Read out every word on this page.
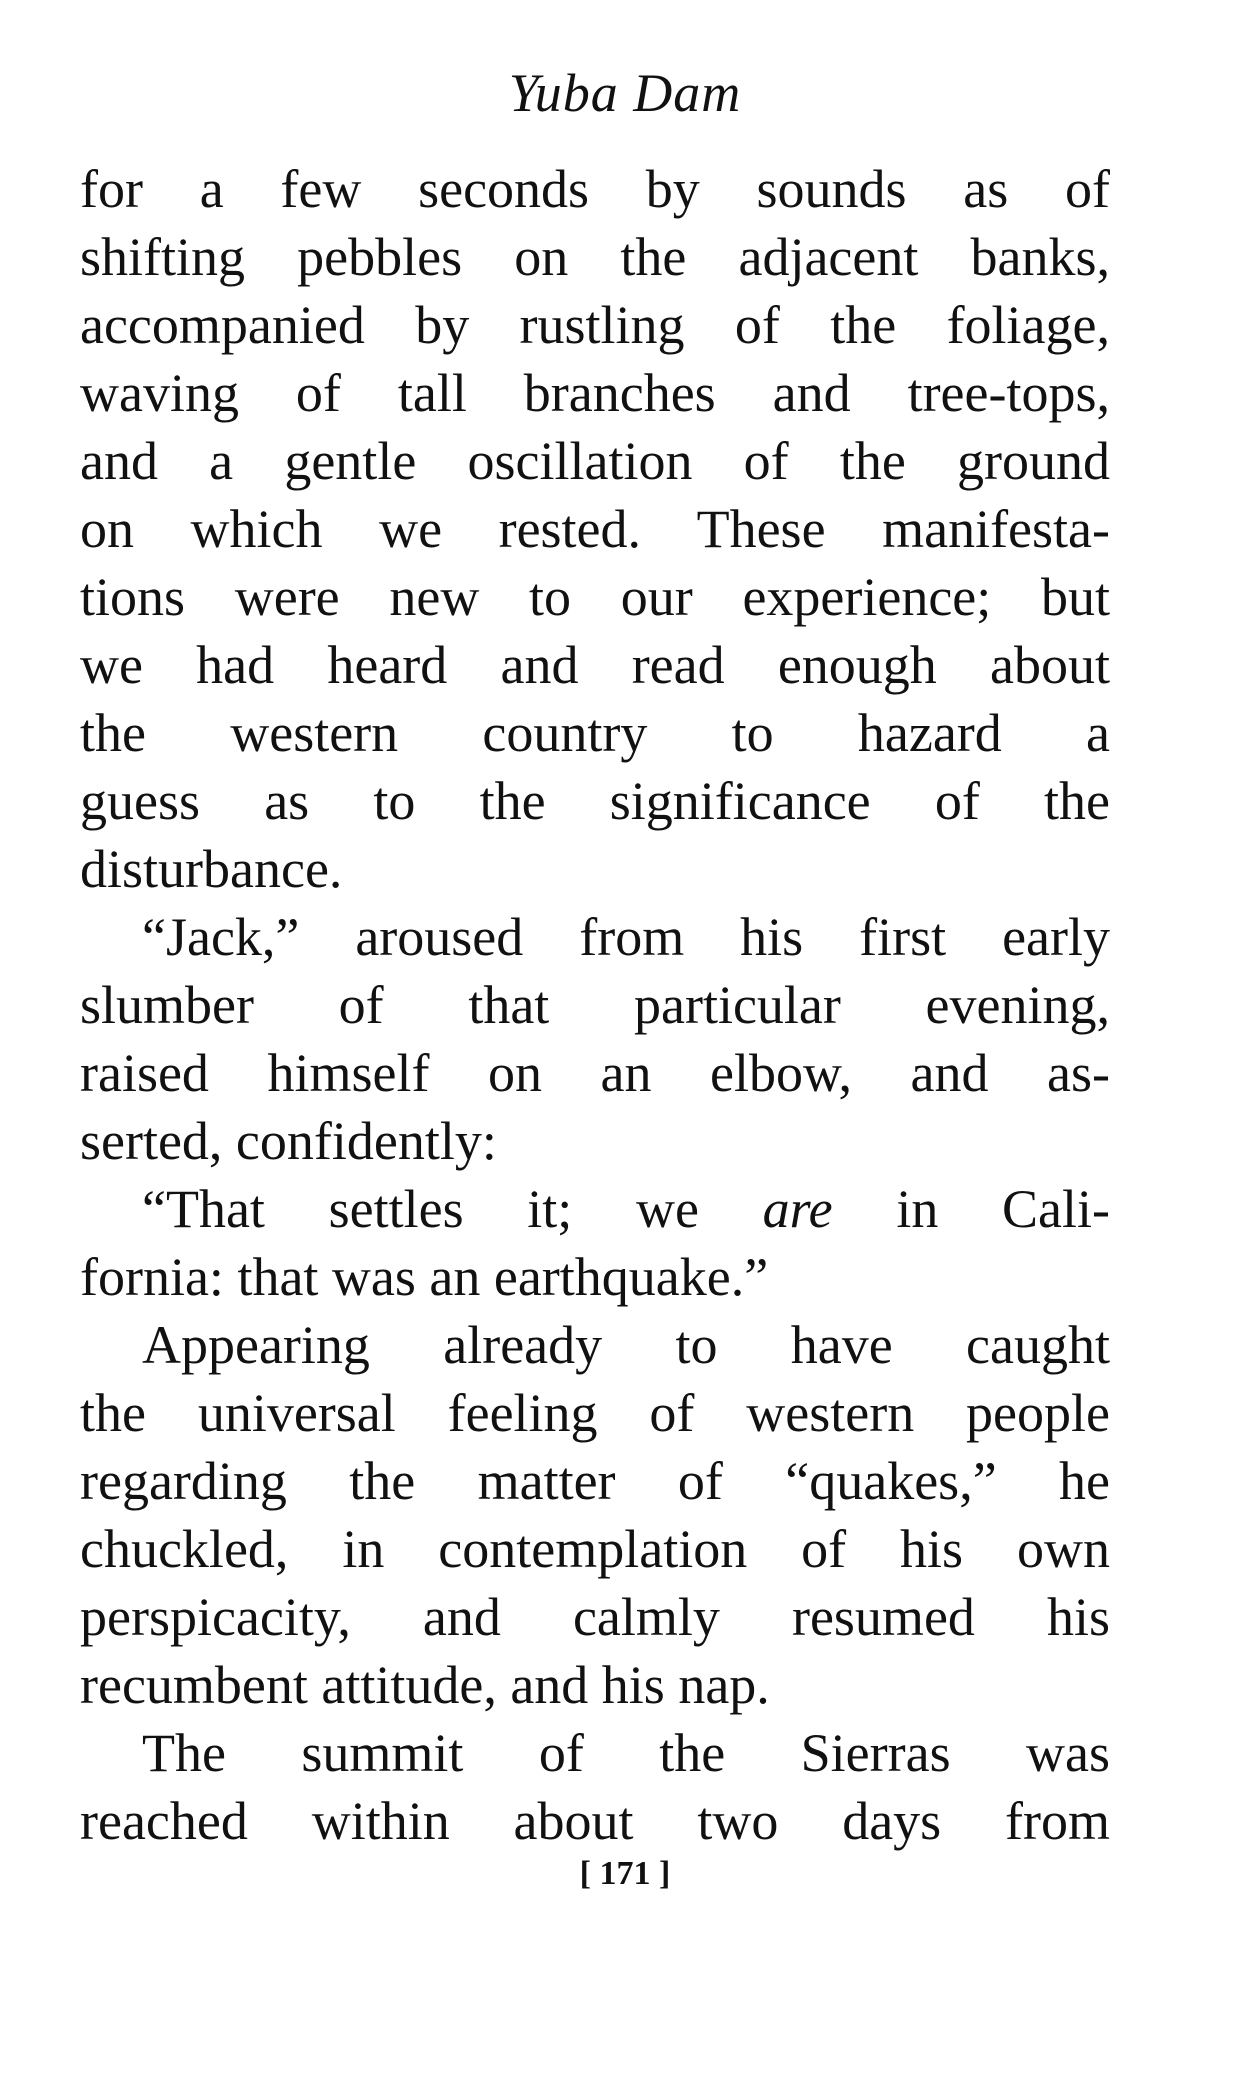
Yuba Dam
for a few seconds by sounds as of
shifting pebbles on the adjacent banks,
accompanied by rustling of the foliage,
waving of tall branches and tree-tops,
and a gentle oscillation of the ground
on which we rested. These manifesta-
tions were new to our experience; but
we had heard and read enough about
the western country to hazard a
guess as to the significance of the
disturbance.
“Jack,” aroused from his first early
slumber of that particular evening,
raised himself on an elbow, and as-
serted, confidently:
“That settles it; we are in Cali-
fornia: that was an earthquake.”
Appearing already to have caught
the universal feeling of western people
regarding the matter of “quakes,” he
chuckled, in contemplation of his own
perspicacity, and calmly resumed his
recumbent attitude, and his nap.
The summit of the Sierras was
reached within about two days from
[ 171 ]
